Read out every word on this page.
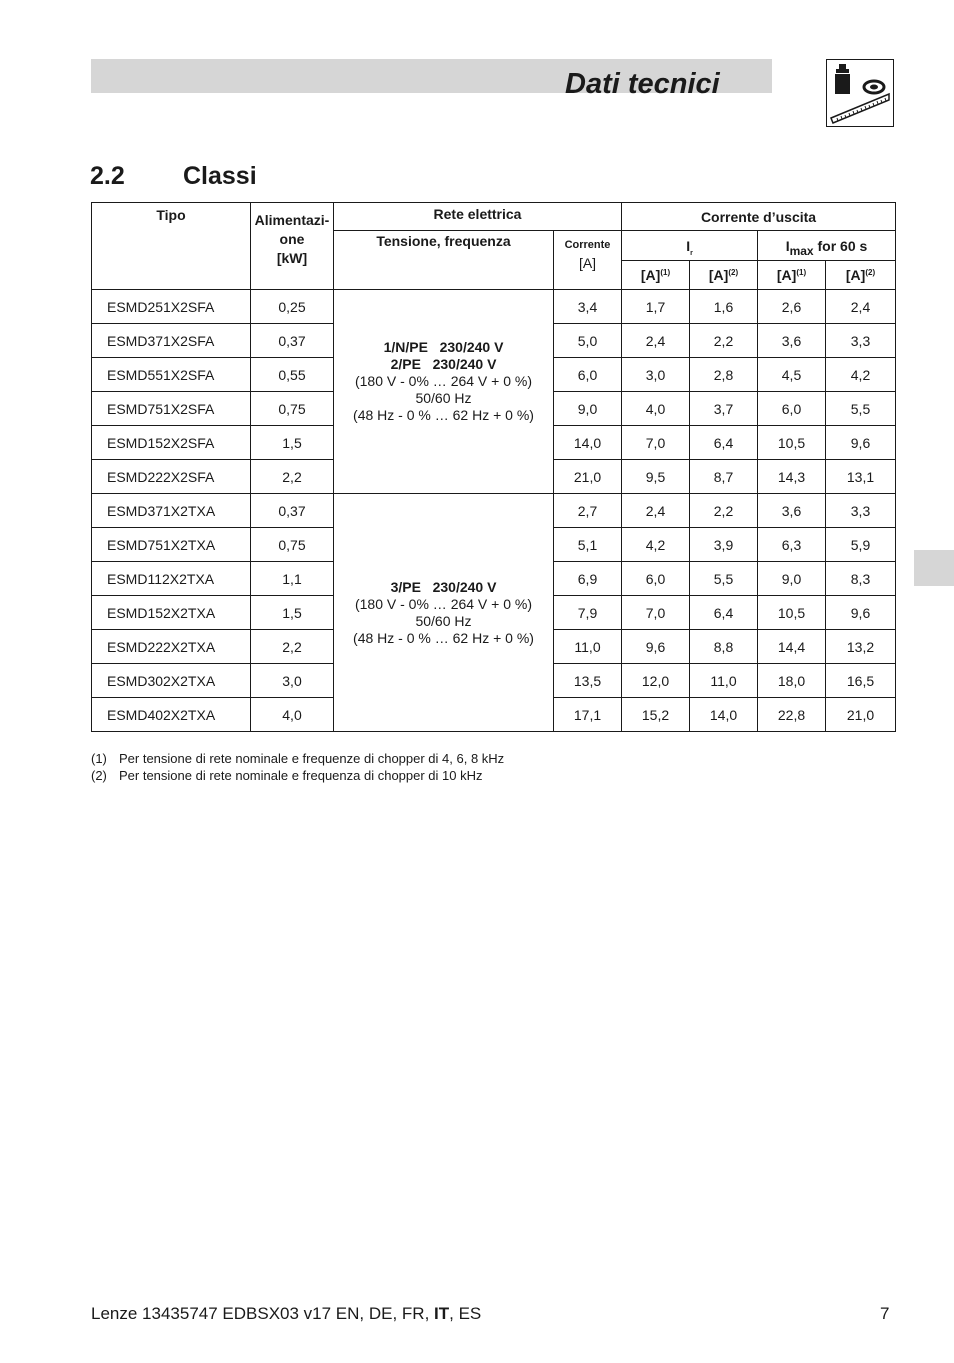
Dati tecnici
2.2 Classi
Tipo	Alimentazi-
one
[kW]	Rete elettrica		Corrente d’uscita			
		Tensione, frequenza	Corrente
[A]	$I_r$		Imax for 60 s	
				$[A]^{(1)}$	$[A]^{(2)}$	$[A]^{(1)}$	$[A]^{(2)}$
ESMD251X2SFA	0,25	1/N/PE   230/240 V
2/PE   230/240 V
(180 V - 0% … 264 V + 0 %)
50/60 Hz
(48 Hz - 0 % … 62 Hz + 0 %)	3,4	1,7	1,6	2,6	2,4
ESMD371X2SFA	0,37		5,0	2,4	2,2	3,6	3,3
ESMD551X2SFA	0,55		6,0	3,0	2,8	4,5	4,2
ESMD751X2SFA	0,75		9,0	4,0	3,7	6,0	5,5
ESMD152X2SFA	1,5		14,0	7,0	6,4	10,5	9,6
ESMD222X2SFA	2,2		21,0	9,5	8,7	14,3	13,1
ESMD371X2TXA	0,37	3/PE   230/240 V
(180 V - 0% … 264 V + 0 %)
50/60 Hz
(48 Hz - 0 % … 62 Hz + 0 %)	2,7	2,4	2,2	3,6	3,3
ESMD751X2TXA	0,75		5,1	4,2	3,9	6,3	5,9
ESMD112X2TXA	1,1		6,9	6,0	5,5	9,0	8,3
ESMD152X2TXA	1,5		7,9	7,0	6,4	10,5	9,6
ESMD222X2TXA	2,2		11,0	9,6	8,8	14,4	13,2
ESMD302X2TXA	3,0		13,5	12,0	11,0	18,0	16,5
ESMD402X2TXA	4,0		17,1	15,2	14,0	22,8	21,0
(1) Per tensione di rete nominale e frequenze di chopper di 4, 6, 8 kHz
(2) Per tensione di rete nominale e frequenza di chopper di 10 kHz
Lenze 13435747 EDBSX03 v17 EN, DE, FR, IT, ES	7
